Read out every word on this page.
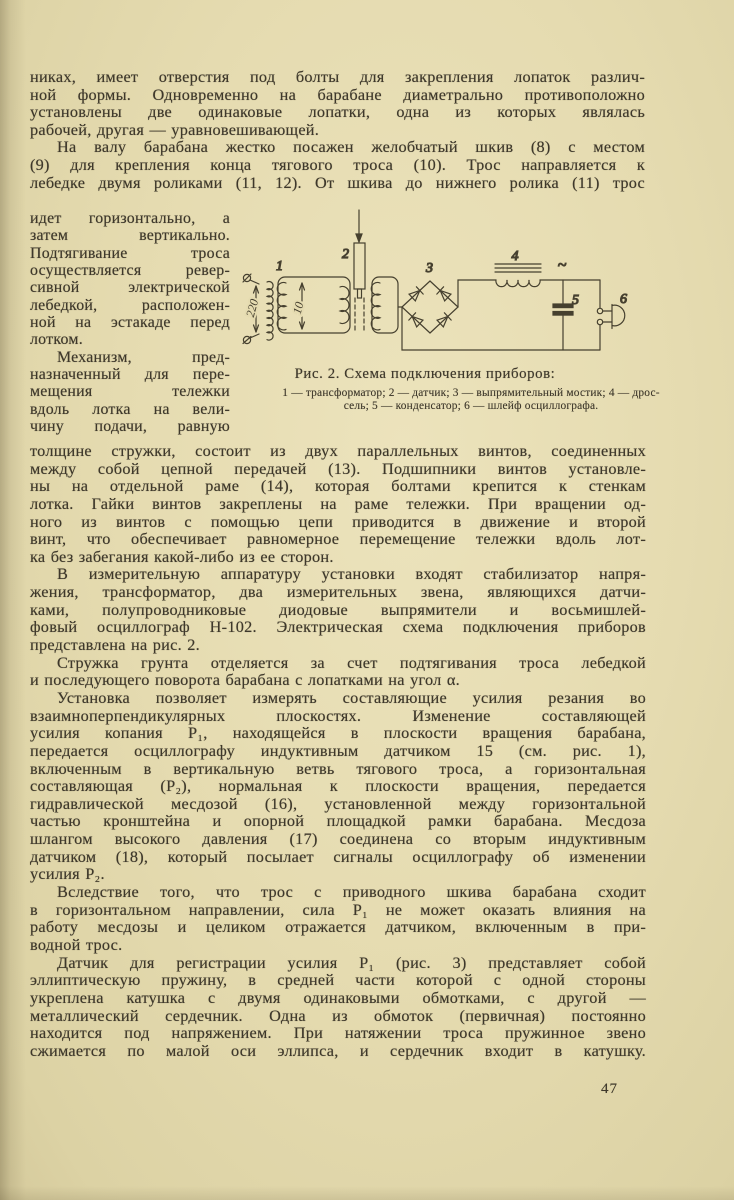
никах, имеет отверстия под болты для закрепления лопаток различ-
ной формы. Одновременно на барабане диаметрально противоположно
установлены две одинаковые лопатки, одна из которых являлась
рабочей, другая — уравновешивающей.
На валу барабана жестко посажен желобчатый шкив (8) с местом
(9) для крепления конца тягового троса (10). Трос направляется к
лебедке двумя роликами (11, 12). От шкива до нижнего ролика (11) трос
идет горизонтально, а
затем вертикально.
Подтягивание троса
осуществляется ревер-
сивной электрической
лебедкой, расположен-
ной на эстакаде перед
лотком.
Механизм, пред-
назначенный для пере-
мещения тележки
вдоль лотка на вели-
чину подачи, равную
220
1
10
2
3
4
~
5	6
Рис. 2. Схема подключения приборов:
1 — трансформатор; 2 — датчик; 3 — выпрямительный мостик; 4 — дрос-
сель; 5 — конденсатор; 6 — шлейф осциллографа.
толщине стружки, состоит из двух параллельных винтов, соединенных
между собой цепной передачей (13). Подшипники винтов установле-
ны на отдельной раме (14), которая болтами крепится к стенкам
лотка. Гайки винтов закреплены на раме тележки. При вращении од-
ного из винтов с помощью цепи приводится в движение и второй
винт, что обеспечивает равномерное перемещение тележки вдоль лот-
ка без забегания какой-либо из ее сторон.
В измерительную аппаратуру установки входят стабилизатор напря-
жения, трансформатор, два измерительных звена, являющихся датчи-
ками, полупроводниковые диодовые выпрямители и восьмишлей-
фовый осциллограф Н-102. Электрическая схема подключения приборов
представлена на рис. 2.
Стружка грунта отделяется за счет подтягивания троса лебедкой
и последующего поворота барабана с лопатками на угол α.
Установка позволяет измерять составляющие усилия резания во
взаимноперпендикулярных плоскостях. Изменение составляющей
усилия копания P₁, находящейся в плоскости вращения барабана,
передается осциллографу индуктивным датчиком 15 (см. рис. 1),
включенным в вертикальную ветвь тягового троса, а горизонтальная
составляющая (P₂), нормальная к плоскости вращения, передается
гидравлической месдозой (16), установленной между горизонтальной
частью кронштейна и опорной площадкой рамки барабана. Месдоза
шлангом высокого давления (17) соединена со вторым индуктивным
датчиком (18), который посылает сигналы осциллографу об изменении
усилия P₂.
Вследствие того, что трос с приводного шкива барабана сходит
в горизонтальном направлении, сила P₁ не может оказать влияния на
работу месдозы и целиком отражается датчиком, включенным в при-
водной трос.
Датчик для регистрации усилия P₁ (рис. 3) представляет собой
эллиптическую пружину, в средней части которой с одной стороны
укреплена катушка с двумя одинаковыми обмотками, с другой —
металлический сердечник. Одна из обмоток (первичная) постоянно
находится под напряжением. При натяжении троса пружинное звено
сжимается по малой оси эллипса, и сердечник входит в катушку.
47
